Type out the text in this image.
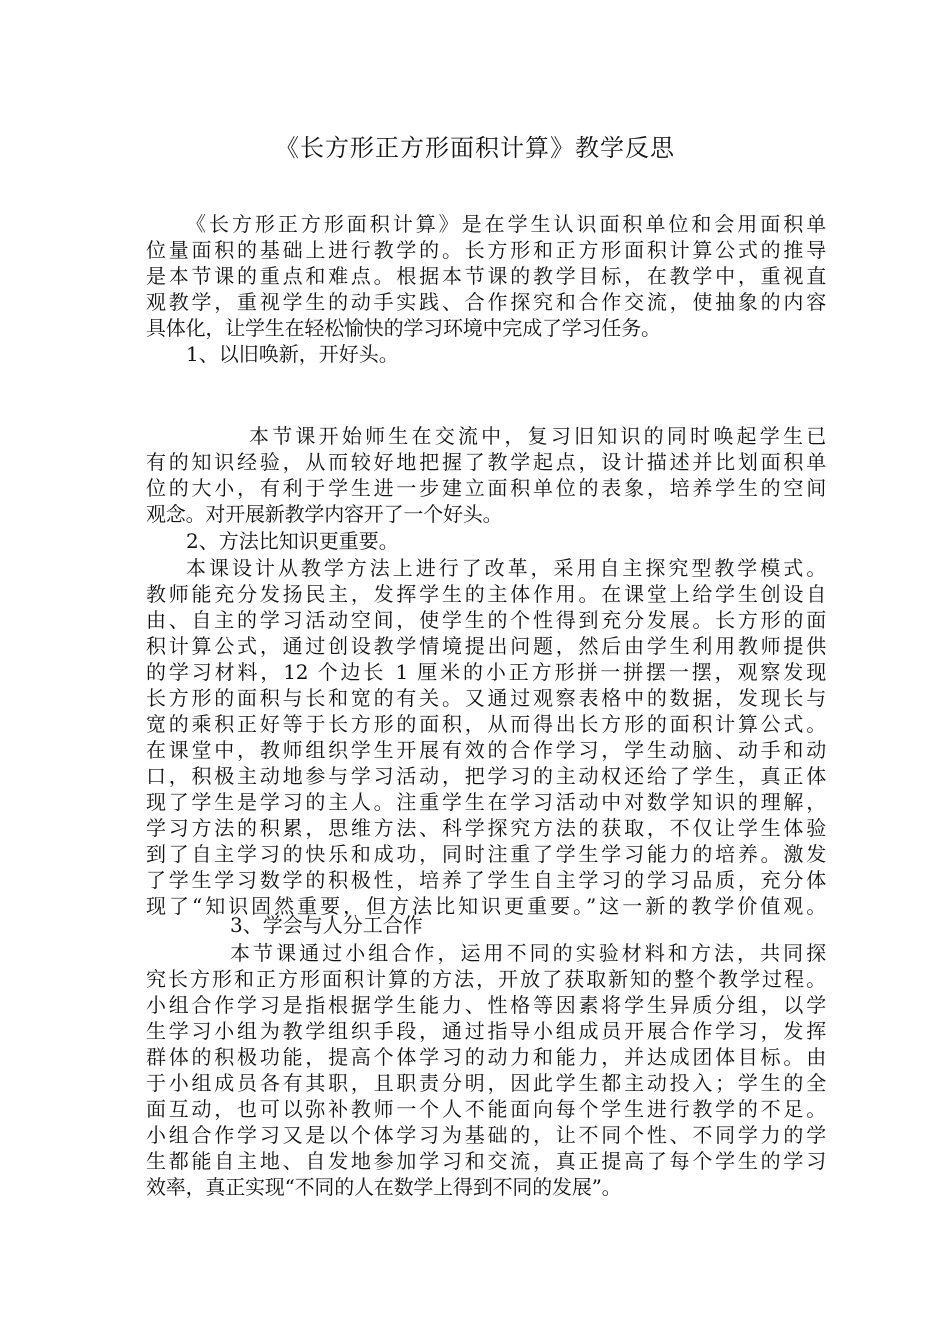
《长方形正方形面积计算》教学反思
《长方形正方形面积计算》是在学生认识面积单位和会用面积单
位量面积的基础上进行教学的。长方形和正方形面积计算公式的推导
是本节课的重点和难点。根据本节课的教学目标，在教学中，重视直
观教学，重视学生的动手实践、合作探究和合作交流，使抽象的内容
具体化，让学生在轻松愉快的学习环境中完成了学习任务。
1、以旧唤新，开好头。
本节课开始师生在交流中，复习旧知识的同时唤起学生已
有的知识经验，从而较好地把握了教学起点，设计描述并比划面积单
位的大小，有利于学生进一步建立面积单位的表象，培养学生的空间
观念。对开展新教学内容开了一个好头。
2、方法比知识更重要。
本课设计从教学方法上进行了改革，采用自主探究型教学模式。
教师能充分发扬民主，发挥学生的主体作用。在课堂上给学生创设自
由、自主的学习活动空间，使学生的个性得到充分发展。长方形的面
积计算公式，通过创设教学情境提出问题，然后由学生利用教师提供
的学习材料，12 个边长 1 厘米的小正方形拼一拼摆一摆，观察发现
长方形的面积与长和宽的有关。又通过观察表格中的数据，发现长与
宽的乘积正好等于长方形的面积，从而得出长方形的面积计算公式。
在课堂中，教师组织学生开展有效的合作学习，学生动脑、动手和动
口，积极主动地参与学习活动，把学习的主动权还给了学生，真正体
现了学生是学习的主人。注重学生在学习活动中对数学知识的理解，
学习方法的积累，思维方法、科学探究方法的获取，不仅让学生体验
到了自主学习的快乐和成功，同时注重了学生学习能力的培养。激发
了学生学习数学的积极性，培养了学生自主学习的学习品质，充分体
现了“知识固然重要，但方法比知识更重要。”这一新的教学价值观。
3、学会与人分工合作
本节课通过小组合作，运用不同的实验材料和方法，共同探
究长方形和正方形面积计算的方法，开放了获取新知的整个教学过程。
小组合作学习是指根据学生能力、性格等因素将学生异质分组，以学
生学习小组为教学组织手段，通过指导小组成员开展合作学习，发挥
群体的积极功能，提高个体学习的动力和能力，并达成团体目标。由
于小组成员各有其职，且职责分明，因此学生都主动投入；学生的全
面互动，也可以弥补教师一个人不能面向每个学生进行教学的不足。
小组合作学习又是以个体学习为基础的，让不同个性、不同学力的学
生都能自主地、自发地参加学习和交流，真正提高了每个学生的学习
效率，真正实现“不同的人在数学上得到不同的发展”。
